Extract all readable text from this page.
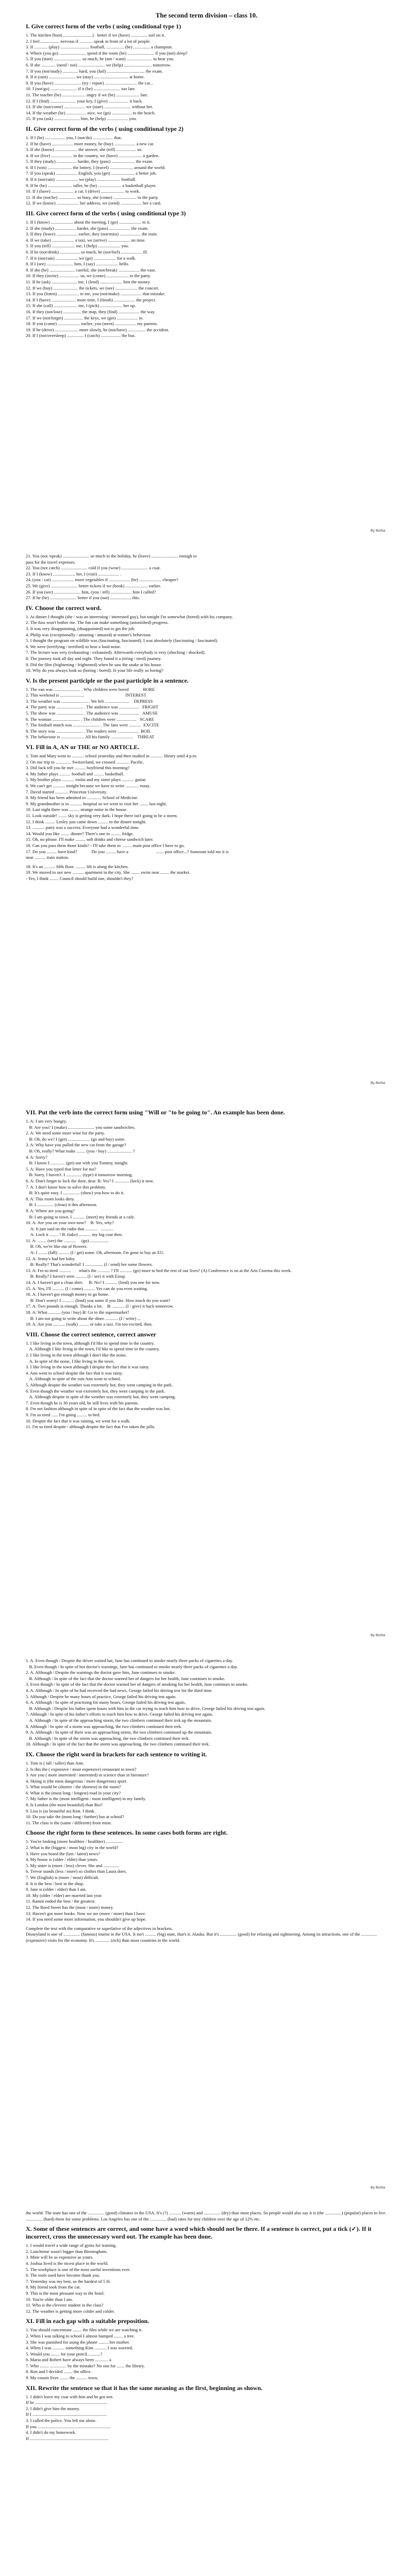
The second term division – class 10.
I. Give correct form of the verbs ( using conditional type 1)

1. The kitchen floor(...........................)   better if we (have) ............... soil on it.

2. I feel ................  nervous if ............ speak in front of a lot of people.

3. If ............ (play) .......................... football, ................ (be) ............... a champion.

4. Where (you go) ........................ spend if the room (be) ........................ if you (not) sleep?

5. If you (start) ......................... so much, he (not / want) ....................... to hear you.

6. If she ............. (need / not) ........................ we (help) ......................... tomorrow.

7. If you (not/study) .............. hard, you (fail) .................................. the exam.

8. If it (rain) ........................ we (stay) ............................... at home.

9. If you (have) ........................ (try / repair) ............................. the car...

10. I (not/go) ........................ if it (be) ........................ too late.

11. The teacher (be) ..................... angry if we (be) ..................... late.

12. If I (find) ....................... your key, I (give) .................. it back.

13. If she (not/come) ................... we (start) ........................ without her.

14. If the weather (be) .................. nice, we (go) .................. to the beach.

15. If you (ask) ....................... him, he (help) ................... you.

II. Give correct form of the verbs ( using conditional type 2)

1. If I (be) .................. you, I (not/do) .................. that.

2. If he (have) ................... more money, he (buy) ................... a new car.

3. If she (know) .................... the answer, she (tell) .................. us.

4. If we (live) ................... in the country, we (have) ..................... a garden.

5. If they (study) .................. harder, they (pass) ..................... the exam.

6. If I (win) ...................... the lottery, I (travel) ..................... around the world.

7. If you (speak) ................... English, you (get) ..................... a better job.

8. If it (not/rain) .................... we (play) ..................... football.

9. If he (be) ...................... taller, he (be) ..................... a basketball player.

10. If I (have) .................... a car, I (drive) ..................... to work.

11. If she (not/be) ................ so busy, she (come) ..................... to the party.

12. If we (know) .................... her address, we (send) ................... her a card.

III. Give correct form of the verbs ( using conditional type 3)

1. If I (know) .................... about the meeting, I (go) .................... to it.

2. If she (study) ................... harder, she (pass) ................... the exam.

3. If they (leave) ................... earlier, they (not/miss) ................... the train.

4. If we (take) .................... a taxi, we (arrive) .................... on time.

5. If you (tell) ..................... me, I (help) .................... you.

6. If he (not/drink) .................. so much, he (not/feel) ................... ill.

7. If it (not/rain) .................... we (go) .................... for a walk.

8. If I (see) ........................ him, I (say) .................... hello.

9. If she (be) ....................... careful, she (not/break) ................... the vase.

10. If they (invite) .................. us, we (come) .................... to the party.

11. If he (ask) ....................... me, I (lend) .................... him the money.

12. If we (buy) ...................... the tickets, we (see) .................... the concert.

13. If you (listen) ................... to me, you (not/make) ................... that mistake.

14. If I (have) ...................... more time, I (finish) ................... the project.

15. If she (call) ..................... me, I (pick) .................... her up.

16. If they (not/lose) ................ the map, they (find) ................... the way.

17. If we (not/forget) ................. the keys, we (get) ................... in.

18. If you (come) .................... earlier, you (meet) ................... my parents.

19. If he (drive) ..................... more slowly, he (not/have) ................ the accident.

20. If I (not/oversleep) ............... I (catch) .................. the bus.

By Borka

21. You (not /speak) ........................ so much in the holiday, he (leave) ........................ enough to

pass for the travel expenses.

22. You (not catch) ........................ cold if you (wear) ........................ a coat.

23. If I (know) .................... her, I (visit) ................... .

24. (you / cat) .................... more vegetables if ................... (be) .................... cheaper?

25. We (give) ........................ better tickets if we (book) .................... earlier.

26. If you (see) ........................ him, (you / tell) ................... him I called?

27. If he (be) ........................ better if you (not) ................... this.

IV. Choose the correct word.

1. At dinner I thought (she / was an interesting / interested guy), but tonight I'm somewhat (bored) with his company.

2. The fuss won't bother me. The fun can make something (astonished) progress.

3. It was very disappointing, (disappointed) not to get the job.

4. Philip was (exceptionally / amazing / amused) at trainer's behaviour.

5. I thought the program on wildlife was (fascinating, fascinated). I was absolutely (fascinating / fascinated).

6. We were (terrifying / terrified) to hear a loud noise.

7. The lecture was very (exhausting / exhausted). Afterwards everybody is very (shocking / shocked).

8. The journey took all day and night. They found it a (tiring / tired) journey.

9. Did the film (frightening / frightened) when he saw the snake at his house.

10. Why do you always look so (boring / bored). Is your life really so boring?

V. Is the present participle or the past participle in a sentence.

1. The van was ........................ . Why children were bored             BORE

2. This weekend is ......................                                     INTEREST

3. The weather was ........................ . We felt ......................    DEPRESS

4. The party was ........................ . The audience was ..................   FRIGHT

5. The show was ........................ . The audience was ..................   AMUSE

6. The woman ......................... . The children were ..................   SCARE

7. The football match was ........................ . The fans were ...........  EXCITE

8. The story was ........................ . The readers were ...................  BOIL

9. The behaviour is ..................... All his family ....................    THREAT

VI. Fill in A, AN or THE or NO ARTICLE.

1. Tom and Mary went to ........... school yesterday and then studied in ........... library until 4 p.m.

2. On our trip to .............. Switzerland, we crossed ............ Pacific.

3. Did Jack tell you he met .......... boyfriend this morning?

4. My father plays .......... football and ......... basketball.

5. My brother plays ........... violin and my sister plays ........... guitar.

6. We can't get ........... tonight because we have to write ............ essay.

7. David started ............ Princeton University.

8. My friend has been admitted to ............. School of Medicine.

9. My grandmother is in ........... hospital so we went to visit her ........ last night.

10. Last night there was ......... strange noise in the house.

11. Look outside! ........ sky is getting very dark. I hope there isn't going to be a storm.

12. I think ......... Lesley just came down ......... to the dinner tonight.

13. ........... party was a success. Everyone had a wonderful time.

14. Would you like ........ dinner? There's one in ......... fridge.

15. Oh, no please. I'll make ......... soft drinks and cheese sandwich later.

16. Can you pass them those kinds? - I'll take them to ......... main post office I have to go.

17. Do you ......... have kind?             Do you ......... have a                         ....... post office...? Someone told me it is

near .......... train station.

18. It's an .......... fifth floor. ......... lift is along the kitchen.

19. We moved to our new .......... apartment in the city. She ........ swim near ........ the market.

- Yes, I think ........ Council should build one, shouldn't they?

By Borka
VII. Put the verb into the correct form using "Will or "to be going to". An example has been done.

1. A: I am very hungry.

B: Are you? I (make) ........................ you some sandwiches.

2. A: We need some more wine for the party.

B: Oh, do we? I (get) .................... (go and buy) some.

3. A: Why have you pulled the new car from the garage?

B: Oh, really? What make ........ (you / buy) ...................... ?

4. A: Sorry?

B: I know I ............. (get) out with you Tommy, tonight.

5. A: Have you typed that letter for me?

B: Sorry, I haven't. I .............. (type) it tomorrow morning.

6. A: Don't forget to lock the door, dear. B: Yes? I ............. (lock) it now.

7. A: I don't know how to solve this problem.

B: It's quite easy. I ............... (show) you how to do it.

8. A: This room looks dirty.

B: I ............... (clean) it this afternoon.

9. A: Where are you going?

B: I am going to town. I ........... (meet) my friends at a cafe.

10. A: Are you on your own now?    B: Yes, why?

A: It just said on the radio that ...........   ...........

A: Lock it ........ ! B. (take) ........... my big coat then.

11. A: ........ (see) the ...........     (go) .................

B: Oh, we're like out of flowers.

A: I ........ (fall) .......... (I / get) some. Oh, afternoon. I'm gone to buy an EU.

12. A: Jenny's had her baby.

B: Really? That's wonderful! I ................ (I / send) her some flowers.

13. A: I'm so tired ...........       what's the ........... ? I'll ........... (go) more to bed the rest of our lives? (A) Conference is on at the Arts Cinema this week.

B: Really? I haven't seen .......... (I / see) it with Ezeqi.

14. A: I haven't got a clean shirt.     B: No? I ........... (lend) you one for now.

15. A: Yes, I'll ........... (I / come) .......... Yes can do you even waiting.

16. A: I haven't got enough money to go home.

B: Don't worry! I ........... (lend) you some if you like. How much do you want?

17. A: Two pounds is enough. Thanks a lot.    B: ........... (I / give) it back tomorrow.

18. A: What ........... (you / buy) B: Go to the supermarket?

B: I am not going to write about the diner. ........... (I / write) ...

19. A: Are you ........... (walk) ......... or take a taxi. I'm too excited, then.

VIII. Choose the correct sentence, correct answer

1. I like living in the town, although I'd like to spend time in the country.

A. Although I like living in the town, I'd like to spend time in the country.

2. I like living in the town although I don't like the noise.

A. In spite of the noise, I like living in the town.

3. I like living in the town although I despite the fact that it was rainy.

4. Ann went to school despite the fact that it was rainy.

A. Although in spite of the rain Ann went to school.

5. Although despite the weather was extremely hot, they went camping in the park.

6. Even though the weather was extremely hot, they went camping in the park.

A. Although despite in spite of the weather was extremely hot, they went camping.

7. Even though he is 30 years old, he still lives with his parents.

8. I'm not fashion although in spite of in spite of the fact that the weather was hot.

9. I'm so tired ...... I'm going ......... to bed.

10. Despite the fact that it was raining, we went for a walk.

11. I'm so tired despite / although despite the fact that I've taken the pills.

By Borka

1. A. Even though / Despite the driver waited hat, Jane has continued to smoke nearly three packs of cigarettes a day.

B. Even though / In spite of hot doctor's warnings, Jane has continued to smoke nearly three packs of cigarettes a day.

2. A. Although / Despite the warnings the doctor gave him, Jane continues to smoke.

B. Although / In spite of the fact that the doctor warned her of dangers for her health, Jane continues to smoke.

3. Even though / In spite of the fact that the doctor warned her of dangers of smoking for her health, Jane continues to smoke.

4. A. Although / In spite of he had received the bad news, George failed his driving test for the third time.

5. Although / Despite he many hours of practice, George failed his driving test again.

6. A. Although / In spite of practising for many hours, George failed his driving test again.

B. Although / Despite his father spent hours with him in the car trying to teach him how to drive, George failed his driving test again.

7. Although / In spite of his father's efforts to teach him how to drive, George failed his driving test again.

A. Although / In spite of the approaching storm, the two climbers continued their trek up the mountain.

8. Although / In spite of a storm was approaching, the two climbers continued their trek.

9. A. Although / In spite of there was an approaching storm, the two climbers continued up the mountain.

B. Although / In spite of the storm was approaching, the two climbers continued their trek.

10. Although / In spite of the fact that the storm was approaching, the two climbers continued their trek.

IX. Choose the right word in brackets for each sentence to writing it.

1. Tom is ( tall / taller) than Ann.

2. Is this the ( expensive / most expensive) restaurant in town?

3. Are you ( more interested / interested) in science than in literature?

4. Skiing is (the most dangerous / more dangerous) sport.

5. What would be (shorter / the shortest) in the room?

6. What is the (most long / longest) road in your city?

7. My father is the (most intelligent / most intelligent) in my family.

8. Is London (the most beautiful) than Rio?

9. Lisa is (as beautiful as) Kim. I think.

10. Do you take the (most long / further) bus at school?

11. The class is the (same / different) from mine.

Choose the right form to these sentences. In some cases both forms are right.

1. You're looking (more healthier / healthier) ...............

2. What is the (biggest / most big) city in the world?

3. Have you heard the (last / latest) news?

4. My house is (older / elder) than yours.

5. My sister is (more / less) clever. She and ..............

6. Trevor stands (less / more) so clothes than Laura does.

7. We (English) is (more / most) difficult.

8. It is the best / best in the shop.

9. Jane is (older / elder) than I am.

10. My (older / elder) are married last year.

11. Ramin ended the best / the greatest.

12. The Reed Street has the (most / more) money.

13. Haven't got more books. Now we are (more / more) than I have.

14. If you need some more information, you shouldn't give up hope.

Complete the text with the comparative or superlative of the adjectives in brackets.

Disneyland is one of ............... (famous) tourist in the USA. It isn't .......... (big) state, that's it. Alaska. But it's ............... (good) for relaxing and sightseeing. Among its attractions, one of the .............. (expensive) visits for the economy. It's ............. (rich) than most countries in the world.

By Borka

the world. The state has one of the ............... (good) climates in the USA. It's (?) ........... (warm) and ............... (dry) than most places. So people would also say it is (the ...............) (popular) places to live. ............... (hard) them for some problems. Los Angeles has one of the ............... (bad) rates for tiny children over the age of 12% etc.

X. Some of these sentences are correct, and some have a word which should not be there. If a sentence is correct, put a tick (✓). If it incorrect, cross the unnecessary word out. The example has been done.

1. I would travel a wide range of gyms for training.

2. Lunchtime wasn't bigger than Birmingham.

3. Mine will be as expensive as yours.

4. Joshua lived is the nicest place in the world.

5. The workplace is one of the most useful inventions ever.

6. The tools used have become thank you.

7. Yesterday was my best, so the hardest of 5 H.

8. My friend took from the cat.

9. This is the most pleasant way to the hotel.

10. You're older than I am.

11. Who is the cleverer student in the class?

12. The weather is getting more colder and colder.

XI. Fill in each gap with a suitable preposition.

1. You should concentrate ........ the film while we are watching it.

2. When I was talking to school I almost bumped ........ a tree.

3. She was punished for using the phone ......... her mother.

4. When I was ........... something Kim ........... I was worried.

5. Would you ........ for your pencil............?

6. Maria and Robert have always been ............ a

7. Who ........ ............... by the mistake? No one for ....... the library.

8. Ron and I decided ........ the office.

9. My cousin lives ........ the .......... town.

XII. Rewrite the sentence so that it has the same meaning as the first, beginning as shown.

1. I didn't leave my coat with him and he got wet.

If he .................................................................

2. I didn't give him the money.

If I ...................................................................

3. I called the police. You left me alone.

If you ..................................................................

4. I didn't do my homework.

If .......................................................................
